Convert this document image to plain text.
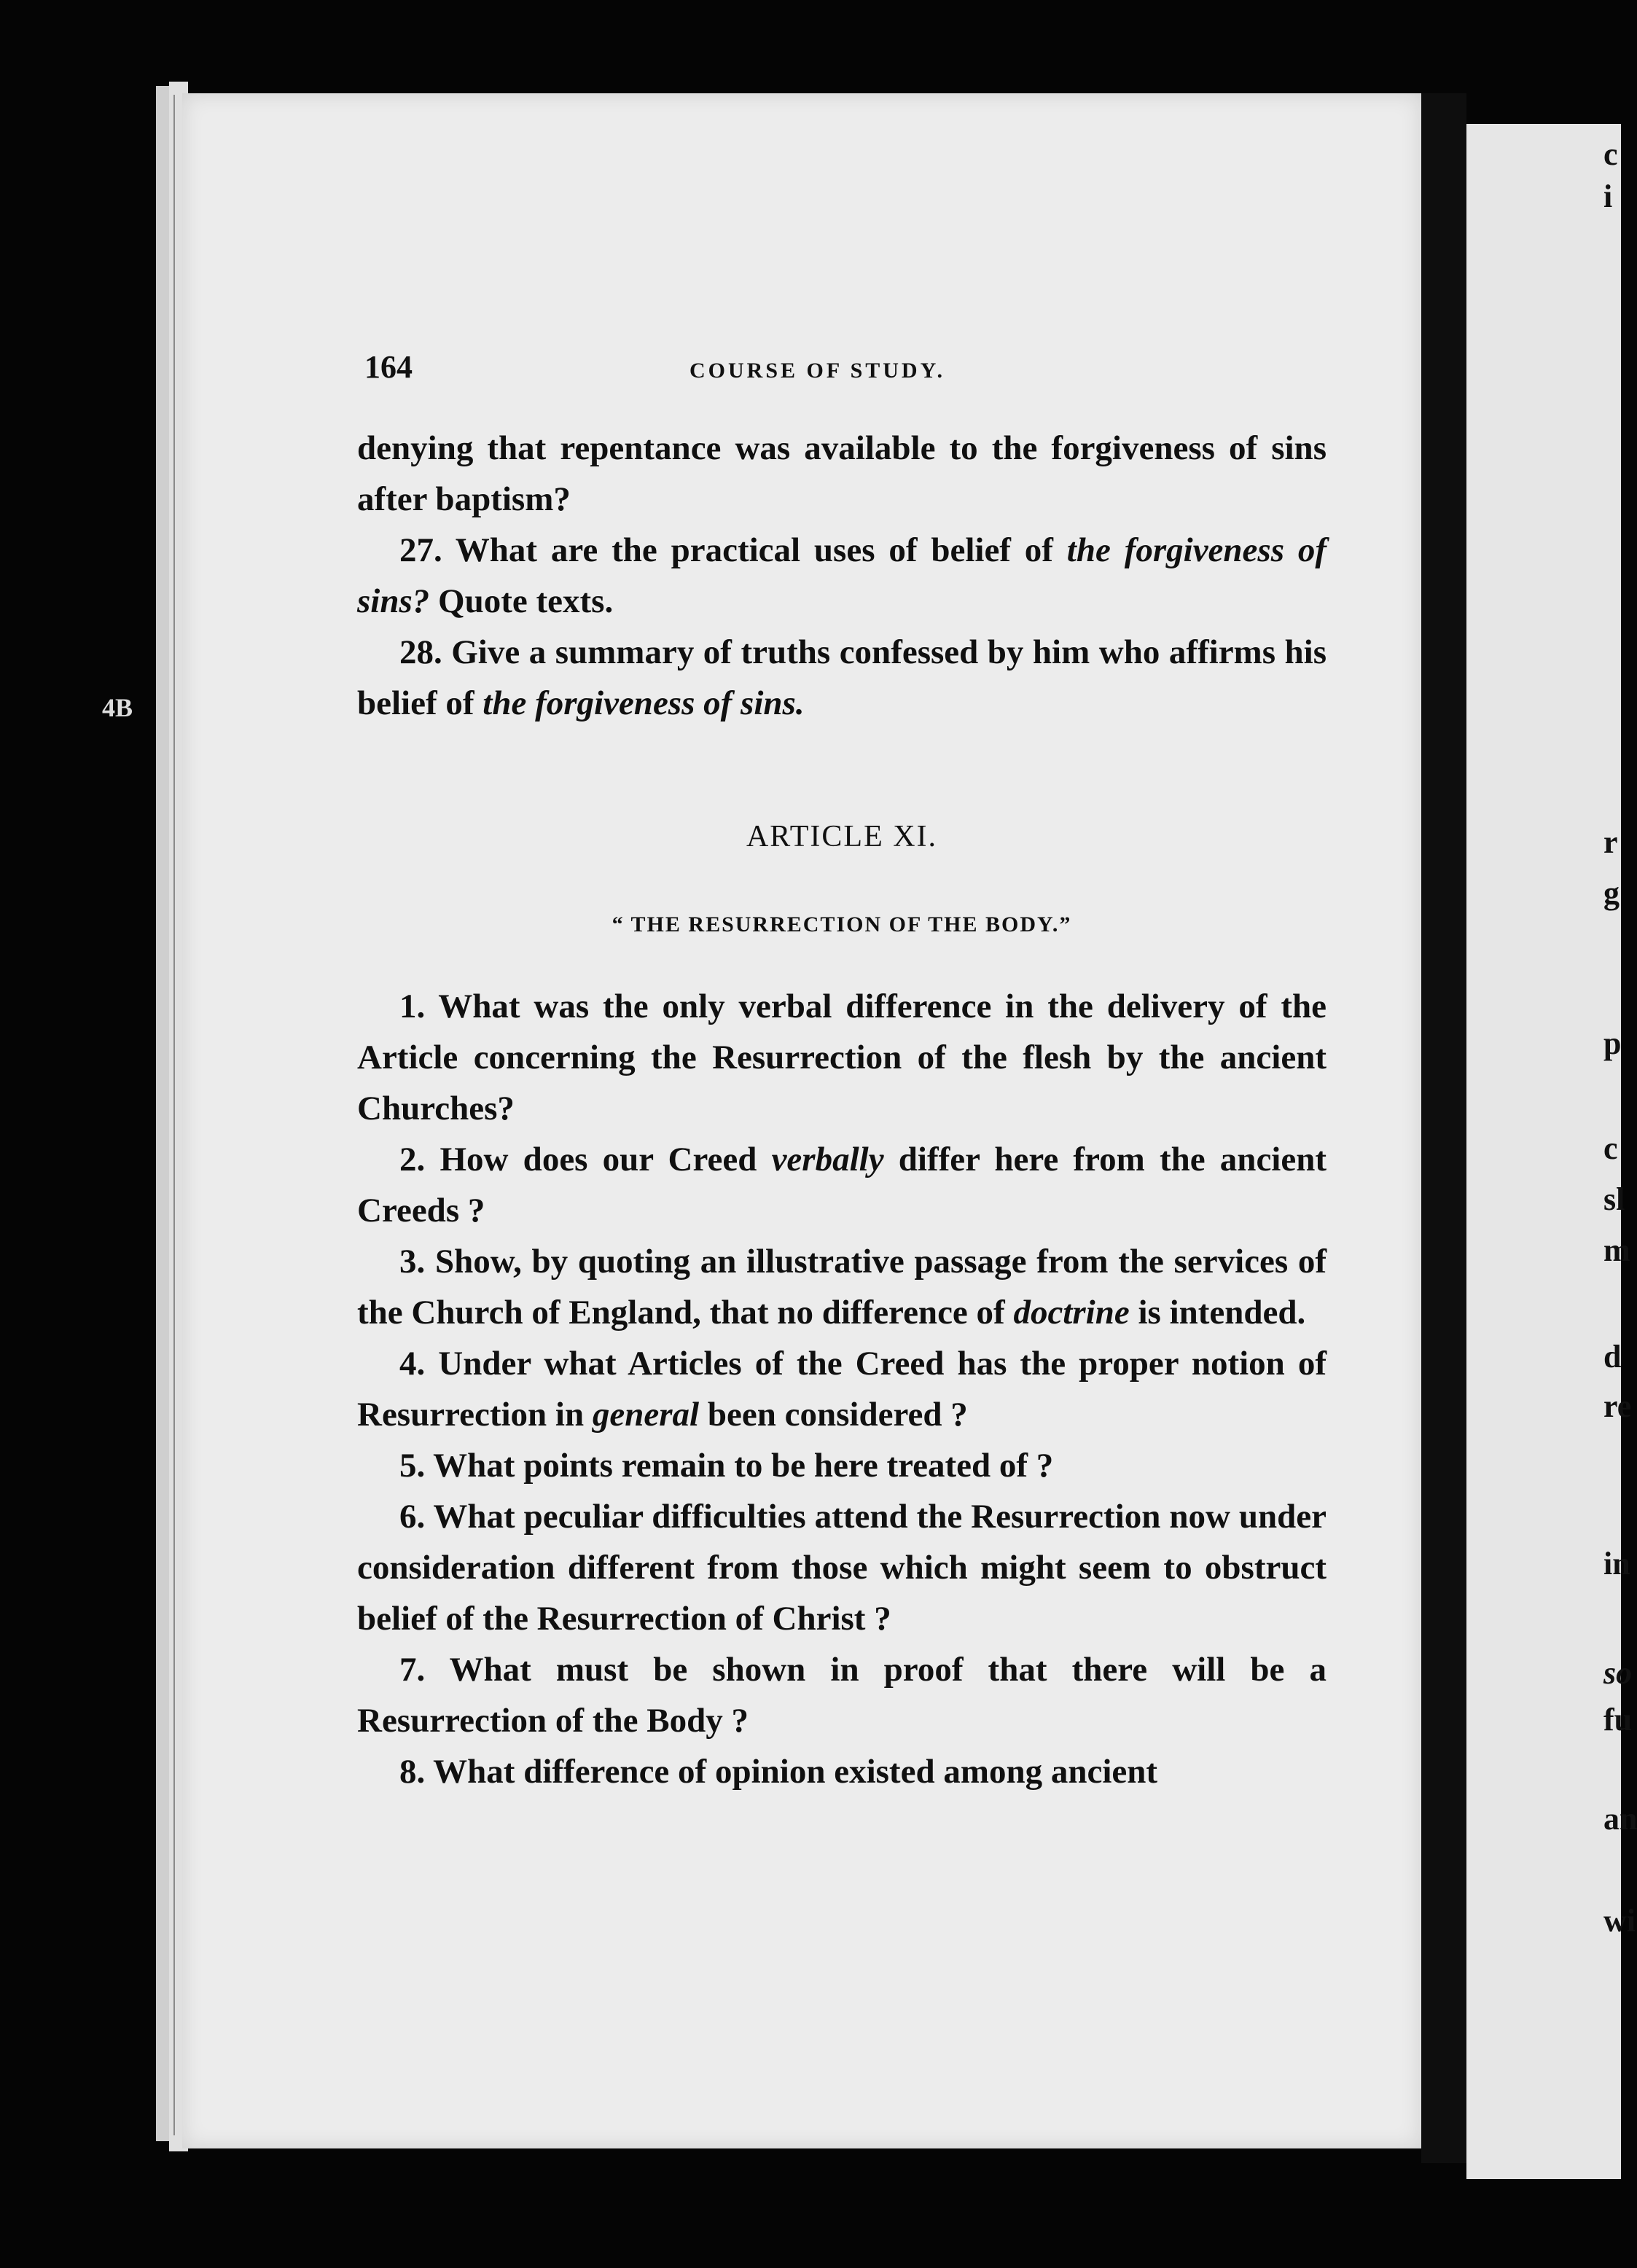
4B
c
i
r
g
p
c
sl
m
d
re
in
so
fu
an
wi
164	COURSE OF STUDY.

denying that repentance was available to the forgiveness of sins after baptism?

27. What are the practical uses of belief of the forgiveness of sins? Quote texts.

28. Give a summary of truths confessed by him who affirms his belief of the forgiveness of sins.

ARTICLE XI.
“ THE RESURRECTION OF THE BODY.”

1. What was the only verbal difference in the delivery of the Article concerning the Resurrection of the flesh by the ancient Churches?

2. How does our Creed verbally differ here from the ancient Creeds ?

3. Show, by quoting an illustrative passage from the services of the Church of England, that no difference of doctrine is intended.

4. Under what Articles of the Creed has the proper notion of Resurrection in general been considered ?

5. What points remain to be here treated of ?

6. What peculiar difficulties attend the Resurrection now under consideration different from those which might seem to obstruct belief of the Resurrection of Christ ?

7. What must be shown in proof that there will be a Resurrection of the Body ?

8. What difference of opinion existed among ancient
